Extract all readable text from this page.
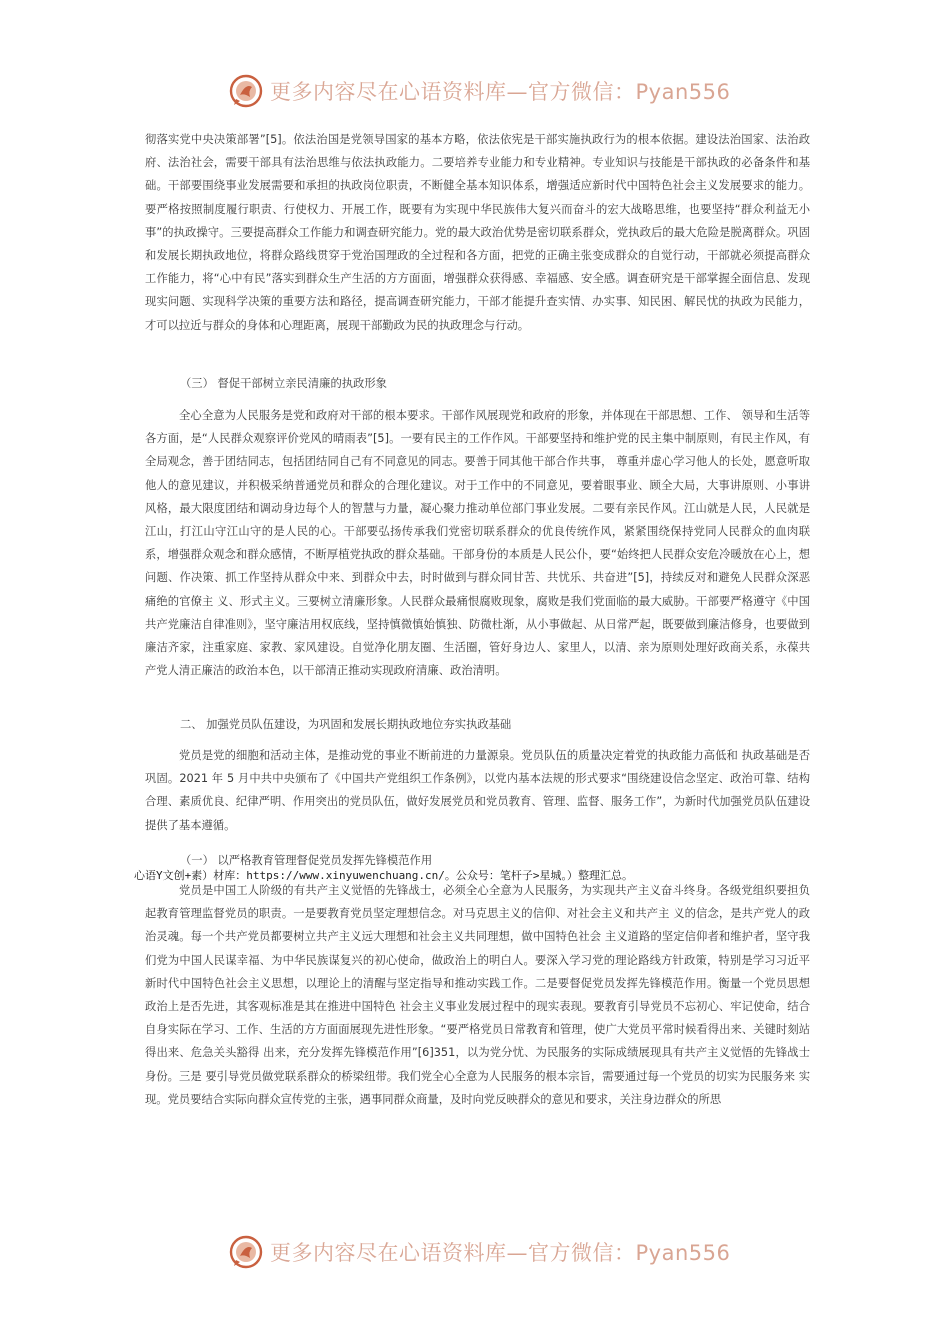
更多内容尽在心语资料库—官方微信：Pyan556

彻落实党中央决策部署”[5]。依法治国是党领导国家的基本方略，依法依宪是干部实施执政行为的根本依据。建设法治国家、法治政府、法治社会，需要干部具有法治思维与依法执政能力。二要培养专业能力和专业精神。专业知识与技能是干部执政的必备条件和基础。干部要围绕事业发展需要和承担的执政岗位职责，不断健全基本知识体系，增强适应新时代中国特色社会主义发展要求的能力。要严格按照制度履行职责、行使权力、开展工作，既要有为实现中华民族伟大复兴而奋斗的宏大战略思维，也要坚持“群众利益无小事”的执政操守。三要提高群众工作能力和调查研究能力。党的最大政治优势是密切联系群众，党执政后的最大危险是脱离群众。巩固和发展长期执政地位，将群众路线贯穿于党治国理政的全过程和各方面，把党的正确主张变成群众的自觉行动，干部就必须提高群众工作能力，将“心中有民”落实到群众生产生活的方方面面，增强群众获得感、幸福感、安全感。调查研究是干部掌握全面信息、发现现实问题、实现科学决策的重要方法和路径，提高调查研究能力，干部才能提升查实情、办实事、知民困、解民忧的执政为民能力，才可以拉近与群众的身体和心理距离，展现干部勤政为民的执政理念与行动。

（三） 督促干部树立亲民清廉的执政形象

全心全意为人民服务是党和政府对干部的根本要求。干部作风展现党和政府的形象，并体现在干部思想、工作、 领导和生活等各方面，是“人民群众观察评价党风的晴雨表”[5]。一要有民主的工作作风。干部要坚持和维护党的民主集中制原则，有民主作风，有全局观念，善于团结同志，包括团结同自己有不同意见的同志。要善于同其他干部合作共事， 尊重并虚心学习他人的长处，愿意听取他人的意见建议，并积极采纳普通党员和群众的合理化建议。对于工作中的不同意见，要着眼事业、顾全大局，大事讲原则、小事讲风格，最大限度团结和调动身边每个人的智慧与力量，凝心聚力推动单位部门事业发展。二要有亲民作风。江山就是人民，人民就是江山，打江山守江山守的是人民的心。干部要弘扬传承我们党密切联系群众的优良传统作风，紧紧围绕保持党同人民群众的血肉联系，增强群众观念和群众感情，不断厚植党执政的群众基础。干部身份的本质是人民公仆，要“始终把人民群众安危冷暖放在心上，想问题、作决策、抓工作坚持从群众中来、到群众中去，时时做到与群众同甘苦、共忧乐、共奋进”[5]，持续反对和避免人民群众深恶痛绝的官僚主 义、形式主义。三要树立清廉形象。人民群众最痛恨腐败现象，腐败是我们党面临的最大威胁。干部要严格遵守《中国共产党廉洁自律准则》，坚守廉洁用权底线，坚持慎微慎始慎独、防微杜渐，从小事做起、从日常严起，既要做到廉洁修身，也要做到廉洁齐家，注重家庭、家教、家风建设。自觉净化朋友圈、生活圈，管好身边人、家里人，以清、亲为原则处理好政商关系，永葆共产党人清正廉洁的政治本色，以干部清正推动实现政府清廉、政治清明。

二、 加强党员队伍建设，为巩固和发展长期执政地位夯实执政基础

党员是党的细胞和活动主体，是推动党的事业不断前进的力量源泉。党员队伍的质量决定着党的执政能力高低和 执政基础是否巩固。2021 年 5 月中共中央颁布了《中国共产党组织工作条例》，以党内基本法规的形式要求“围绕建设信念坚定、政治可靠、结构合理、素质优良、纪律严明、作用突出的党员队伍，做好发展党员和党员教育、管理、监督、服务工作”，为新时代加强党员队伍建设提供了基本遵循。

（一） 以严格教育管理督促党员发挥先锋模范作用
心语Y文创+素）材库：https://www.xinyuwenchuang.cn/。公众号：笔杆子>星城。）整理汇总。

党员是中国工人阶级的有共产主义觉悟的先锋战士，必须全心全意为人民服务，为实现共产主义奋斗终身。各级党组织要担负起教育管理监督党员的职责。一是要教育党员坚定理想信念。对马克思主义的信仰、对社会主义和共产主 义的信念，是共产党人的政治灵魂。每一个共产党员都要树立共产主义远大理想和社会主义共同理想，做中国特色社会 主义道路的坚定信仰者和维护者，坚守我们党为中国人民谋幸福、为中华民族谋复兴的初心使命，做政治上的明白人。要深入学习党的理论路线方针政策，特别是学习习近平新时代中国特色社会主义思想，以理论上的清醒与坚定指导和推动实践工作。二是要督促党员发挥先锋模范作用。衡量一个党员思想政治上是否先进，其客观标准是其在推进中国特色 社会主义事业发展过程中的现实表现。要教育引导党员不忘初心、牢记使命，结合自身实际在学习、工作、生活的方方面面展现先进性形象。“要严格党员日常教育和管理，使广大党员平常时候看得出来、关键时刻站得出来、危急关头豁得 出来，充分发挥先锋模范作用”[6]351，以为党分忧、为民服务的实际成绩展现具有共产主义觉悟的先锋战士身份。三是 要引导党员做党联系群众的桥梁纽带。我们党全心全意为人民服务的根本宗旨，需要通过每一个党员的切实为民服务来 实现。党员要结合实际向群众宣传党的主张，遇事同群众商量，及时向党反映群众的意见和要求，关注身边群众的所思

更多内容尽在心语资料库—官方微信：Pyan556
